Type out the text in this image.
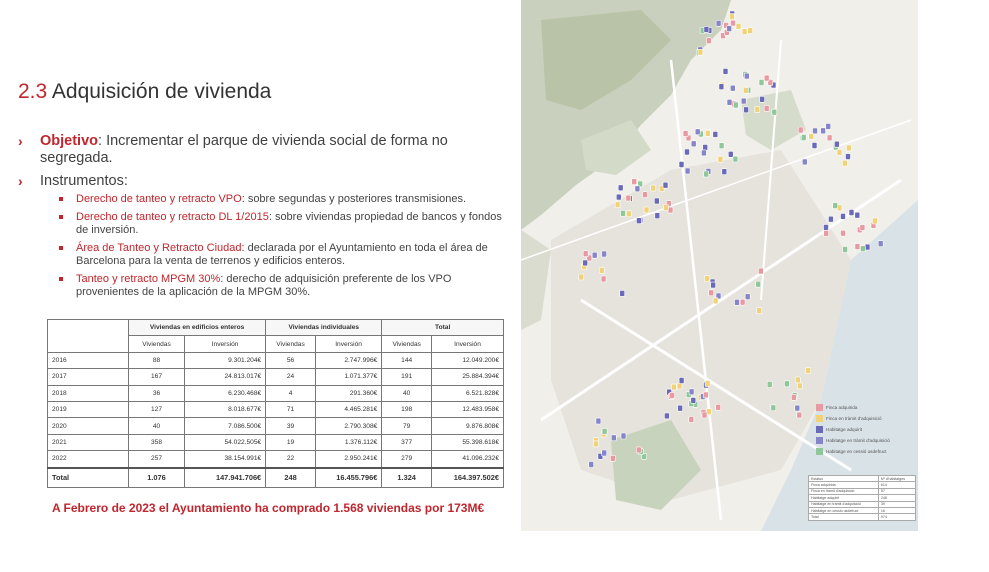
2.3 Adquisición de vivienda
› Objetivo: Incrementar el parque de vivienda social de forma no segregada.
› Instrumentos:
Derecho de tanteo y retracto VPO: sobre segundas y posteriores transmisiones.
Derecho de tanteo y retracto DL 1/2015: sobre viviendas propiedad de bancos y fondos de inversión.
Área de Tanteo y Retracto Ciudad: declarada por el Ayuntamiento en toda el área de Barcelona para la venta de terrenos y edificios enteros.
Tanteo y retracto MPGM 30%: derecho de adquisición preferente de los VPO provenientes de la aplicación de la MPGM 30%.
	Viviendas en edificios enteros		Viviendas individuales		Total	
	Viviendas	Inversión	Viviendas	Inversión	Viviendas	Inversión
2016	88	9.301.204€	56	2.747.996€	144	12.049.200€
2017	167	24.813.017€	24	1.071.377€	191	25.884.394€
2018	36	6.230.468€	4	291.360€	40	6.521.828€
2019	127	8.018.677€	71	4.465.281€	198	12.483.958€
2020	40	7.086.500€	39	2.790.308€	79	9.876.808€
2021	358	54.022.505€	19	1.376.112€	377	55.398.618€
2022	257	38.154.991€	22	2.950.241€	279	41.096.232€
Total	1.076	147.941.706€	248	16.455.796€	1.324	164.397.502€
A Febrero de 2023 el Ayuntamiento ha comprado 1.568 viviendas por 173M€
Finca adquirida
Finca en tràmit d'adquisició
Habitatge adquirit
Habitatge en tràmit d'adquisició
Habitatge en cessió usdefruct
Estatus	Nº d'habitatges
Finca adquirida	614
Finca en tràmit d'adquisició	57
Habitatge adquirit	248
Habitatge en tràmit d'adquisició	39
Habitatge en cessió usdefruct	16
Total	974
